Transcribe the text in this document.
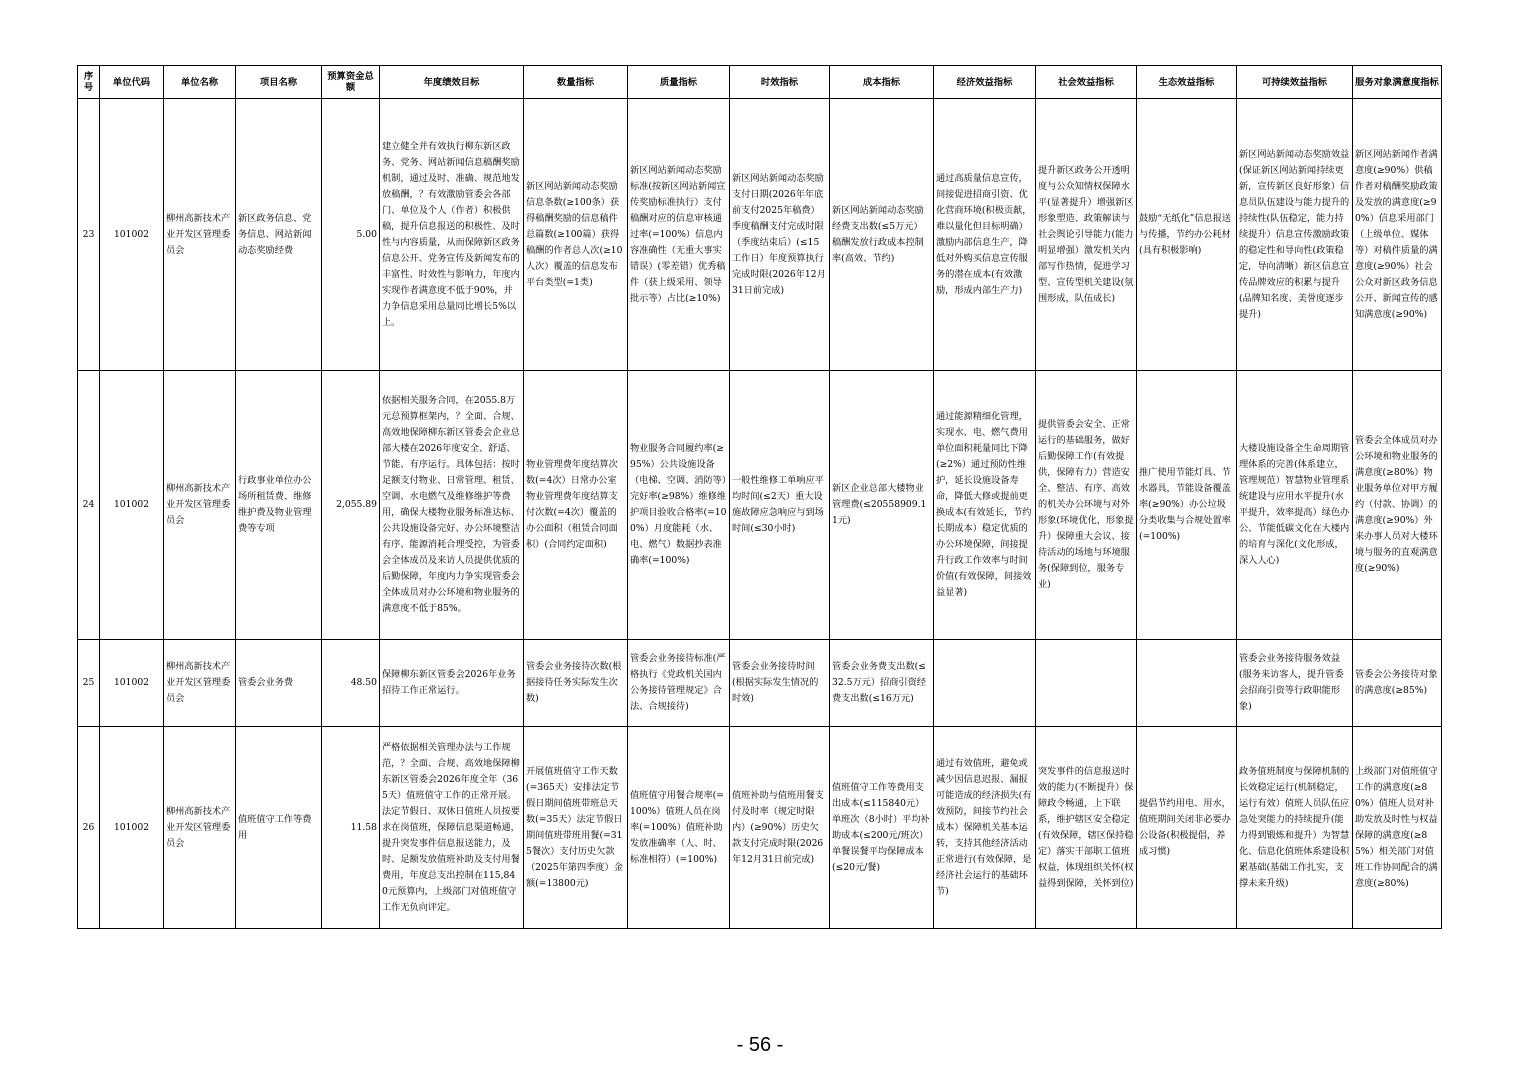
序号	单位代码	单位名称	项目名称	预算资金总额	年度绩效目标	数量指标	质量指标	时效指标	成本指标	经济效益指标	社会效益指标	生态效益指标	可持续效益指标	服务对象满意度指标
23	101002	柳州高新技术产业开发区管理委员会	新区政务信息、党务信息、网站新闻动态奖励经费	5.00	建立健全并有效执行柳东新区政务、党务、网站新闻信息稿酬奖励机制，通过及时、准确、规范地发放稿酬，？有效激励管委会各部门、单位及个人（作者）积极供稿，提升信息报送的积极性、及时性与内容质量，从而保障新区政务信息公开、党务宣传及新闻发布的丰富性、时效性与影响力，年度内实现作者满意度不低于90%，并力争信息采用总量同比增长5%以上。	新区网站新闻动态奖励信息条数(≥100条）获得稿酬奖励的信息稿件总篇数(≥100篇）获得稿酬的作者总人次(≥10人次）覆盖的信息发布平台类型(=1类)	新区网站新闻动态奖励标准(按新区网站新闻宣传奖励标准执行）支付稿酬对应的信息审核通过率(=100%）信息内容准确性（无重大事实错误）(零差错）优秀稿件（获上级采用、领导批示等）占比(≥10%)	新区网站新闻动态奖励支付日期(2026年年底前支付2025年稿费）季度稿酬支付完成时限（季度结束后）(≤15工作日）年度预算执行完成时限(2026年12月31日前完成)	新区网站新闻动态奖励经费支出数(≤5万元）稿酬发放行政成本控制率(高效、节约)	通过高质量信息宣传，间接促进招商引资、优化营商环境(积极贡献，难以量化但目标明确）激励内部信息生产，降低对外购买信息宣传服务的潜在成本(有效激励，形成内部生产力)	提升新区政务公开透明度与公众知情权保障水平(显著提升）增强新区形象塑造、政策解读与社会舆论引导能力(能力明显增强）激发机关内部写作热情，促进学习型、宣传型机关建设(氛围形成，队伍成长)	鼓励“无纸化”信息报送与传播，节约办公耗材(具有积极影响)	新区网站新闻动态奖励效益(保证新区网站新闻持续更新，宣传新区良好形象）信息员队伍建设与能力提升的持续性(队伍稳定，能力持续提升）信息宣传激励政策的稳定性和导向性(政策稳定，导向清晰）新区信息宣传品牌效应的积累与提升(品牌知名度、美誉度逐步提升)	新区网站新闻作者满意度(≥90%）供稿作者对稿酬奖励政策及发放的满意度(≥90%）信息采用部门（上级单位、媒体等）对稿件质量的满意度(≥90%）社会公众对新区政务信息公开、新闻宣传的感知满意度(≥90%)
24	101002	柳州高新技术产业开发区管理委员会	行政事业单位办公场所租赁费、维修维护费及物业管理费等专项	2,055.89	依据相关服务合同，在2055.8万元总预算框架内，？全面、合规、高效地保障柳东新区管委会企业总部大楼在2026年度安全、舒适、节能、有序运行。具体包括：按时足额支付物业、日常管理、租赁、空调、水电燃气及维修维护等费用，确保大楼物业服务标准达标、公共设施设备完好、办公环境整洁有序、能源消耗合理受控，为管委会全体成员及来访人员提供优质的后勤保障，年度内力争实现管委会全体成员对办公环境和物业服务的满意度不低于85%。	物业管理费年度结算次数(=4次）日常办公室物业管理费年度结算支付次数(=4次）覆盖的办公面积（租赁合同面积）(合同约定面积)	物业服务合同履约率(≥95%）公共设施设备（电梯、空调、消防等）完好率(≥98%）维修维护项目验收合格率(=100%）月度能耗（水、电、燃气）数据抄表准确率(=100%)	一般性维修工单响应平均时间(≤2天）重大设施故障应急响应与到场时间(≤30小时)	新区企业总部大楼物业管理费(≤20558909.11元)	通过能源精细化管理，实现水、电、燃气费用单位面积耗量同比下降(≥2%）通过预防性维护，延长设施设备寿命，降低大修或提前更换成本(有效延长，节约长期成本）稳定优质的办公环境保障，间接提升行政工作效率与时间价值(有效保障，间接效益显著)	提供管委会安全、正常运行的基础服务，做好后勤保障工作(有效提供，保障有力）营造安全、整洁、有序、高效的机关办公环境与对外形象(环境优化，形象提升）保障重大会议、接待活动的场地与环境服务(保障到位，服务专业)	推广使用节能灯具、节水器具，节能设备覆盖率(≥90%）办公垃圾分类收集与合规处置率(=100%)	大楼设施设备全生命周期管理体系的完善(体系建立，管理规范）智慧物业管理系统建设与应用水平提升(水平提升，效率提高）绿色办公、节能低碳文化在大楼内的培育与深化(文化形成，深入人心)	管委会全体成员对办公环境和物业服务的满意度(≥80%）物业服务单位对甲方履约（付款、协调）的满意度(≥90%）外来办事人员对大楼环境与服务的直观满意度(≥90%)
25	101002	柳州高新技术产业开发区管理委员会	管委会业务费	48.50	保障柳东新区管委会2026年业务招待工作正常运行。	管委会业务接待次数(根据接待任务实际发生次数)	管委会业务接待标准(严格执行《党政机关国内公务接待管理规定》合法、合规接待)	管委会业务接待时间(根据实际发生情况的时效)	管委会业务费支出数(≤32.5万元）招商引资经费支出数(≤16万元)				管委会业务接待服务效益(服务来访客人，提升管委会招商引资等行政职能形象)	管委会公务接待对象的满意度(≥85%)
26	101002	柳州高新技术产业开发区管理委员会	值班值守工作等费用	11.58	严格依据相关管理办法与工作规范，？全面、合规、高效地保障柳东新区管委会2026年度全年（365天）值班值守工作的正常开展。法定节假日、双休日值班人员按要求在岗值班，保障信息渠道畅通，提升突发事件信息报送能力，及时、足额发放值班补助及支付用餐费用，年度总支出控制在115,840元预算内，上级部门对值班值守工作无负向评定。	开展值班值守工作天数(=365天）安排法定节假日期间值班带班总天数(=35天）法定节假日期间值班带班用餐(=315餐次）支付历史欠款（2025年第四季度）金额(=13800元)	值班值守用餐合规率(=100%）值班人员在岗率(=100%）值班补助发放准确率（人、时、标准相符）(=100%)	值班补助与值班用餐支付及时率（规定时限内）(≥90%）历史欠款支付完成时限(2026年12月31日前完成)	值班值守工作等费用支出成本(≤115840元）单班次（8小时）平均补助成本(≤200元/班次）单餐误餐平均保障成本(≤20元/餐)	通过有效值班，避免或减少因信息迟报、漏报可能造成的经济损失(有效预防，间接节约社会成本）保障机关基本运转，支持其他经济活动正常进行(有效保障，是经济社会运行的基础环节)	突发事件的信息报送时效的能力(不断提升）保障政令畅通，上下联系，维护辖区安全稳定(有效保障，辖区保持稳定）落实干部职工值班权益，体现组织关怀(权益得到保障，关怀到位)	提倡节约用电、用水，值班期间关闭非必要办公设备(积极提倡，养成习惯)	政务值班制度与保障机制的长效稳定运行(机制稳定，运行有效）值班人员队伍应急处突能力的持续提升(能力得到锻炼和提升）为智慧化、信息化值班体系建设积累基础(基础工作扎实，支撑未来升级)	上级部门对值班值守工作的满意度(≥80%）值班人员对补助发放及时性与权益保障的满意度(≥85%）相关部门对值班工作协同配合的满意度(≥80%)
- 56 -
